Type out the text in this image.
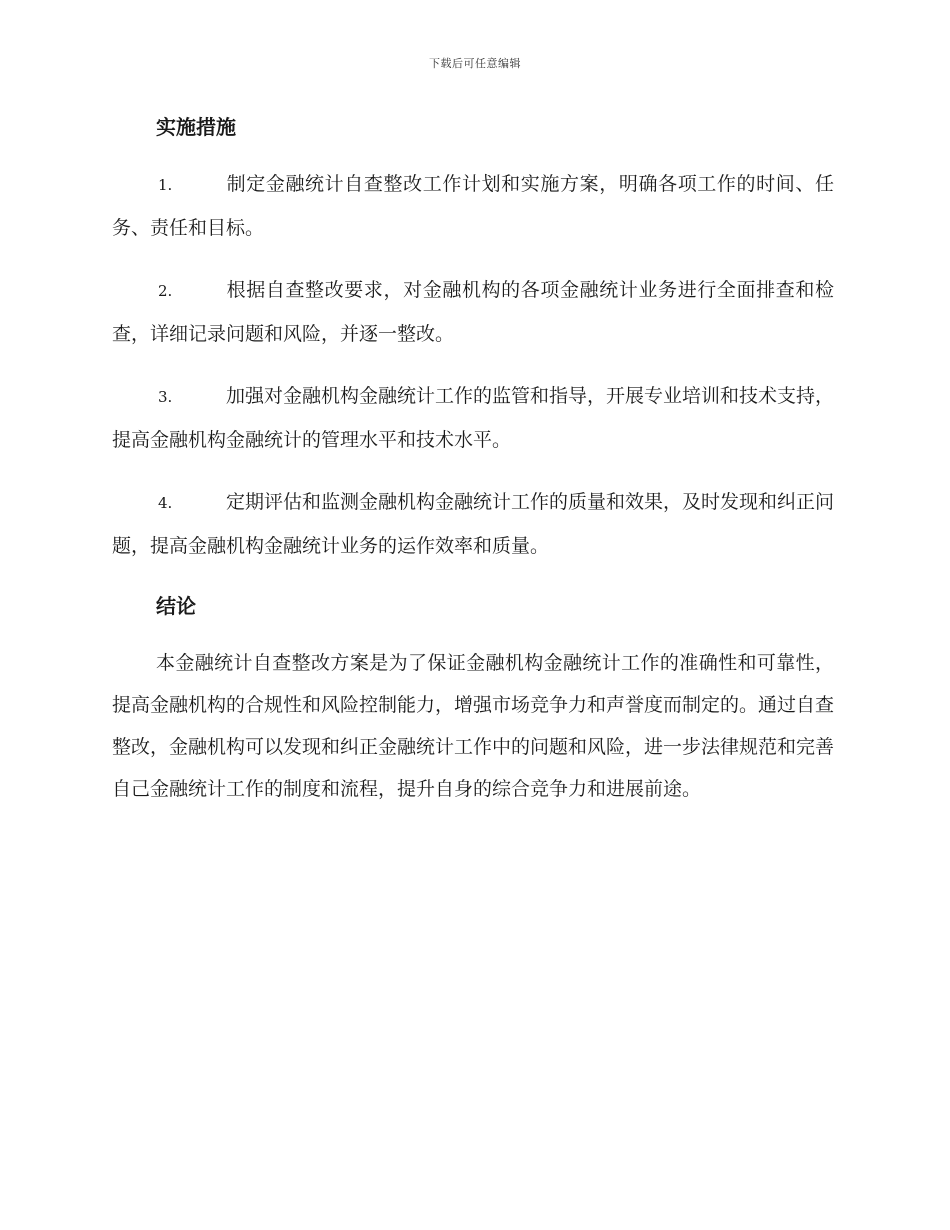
下载后可任意编辑
实施措施

1.	制定金融统计自查整改工作计划和实施方案，明确各项工作的时间、任务、责任和目标。

2.	根据自查整改要求，对金融机构的各项金融统计业务进行全面排查和检查，详细记录问题和风险，并逐一整改。

3.	加强对金融机构金融统计工作的监管和指导，开展专业培训和技术支持，提高金融机构金融统计的管理水平和技术水平。

4.	定期评估和监测金融机构金融统计工作的质量和效果，及时发现和纠正问题，提高金融机构金融统计业务的运作效率和质量。

结论

本金融统计自查整改方案是为了保证金融机构金融统计工作的准确性和可靠性，提高金融机构的合规性和风险控制能力，增强市场竞争力和声誉度而制定的。通过自查整改，金融机构可以发现和纠正金融统计工作中的问题和风险，进一步法律规范和完善自己金融统计工作的制度和流程，提升自身的综合竞争力和进展前途。
